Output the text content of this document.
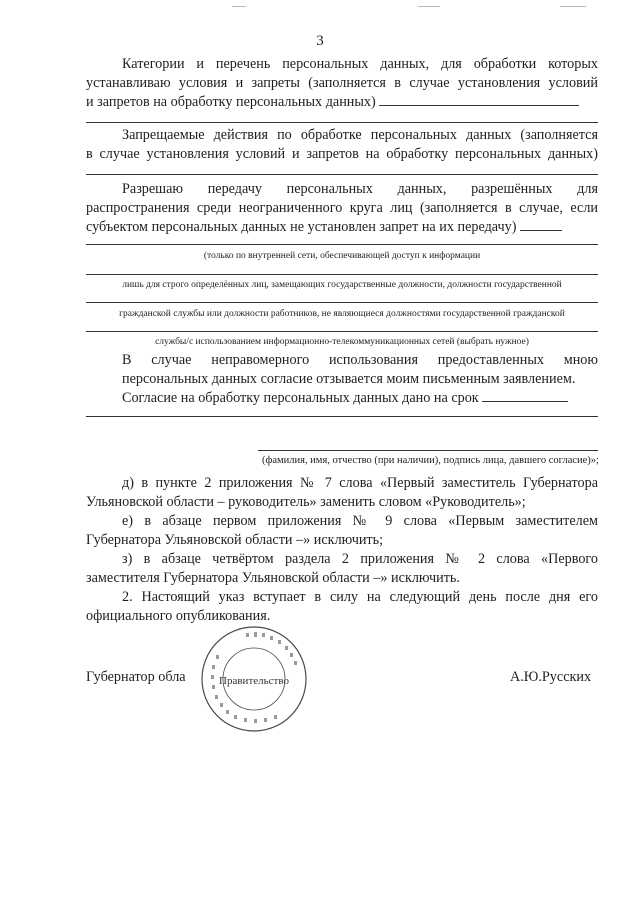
3
Категории и перечень персональных данных, для обработки которых
устанавливаю условия и запреты (заполняется в случае установления условий
и запретов на обработку персональных данных)
Запрещаемые действия по обработке персональных данных (заполняется
в случае установления условий и запретов на обработку персональных данных)
Разрешаю передачу персональных данных, разрешённых для
распространения среди неограниченного круга лиц (заполняется в случае, если
субъектом персональных данных не установлен запрет на их передачу)
(только по внутренней сети, обеспечивающей доступ к информации
лишь для строго определённых лиц, замещающих государственные должности, должности государственной
гражданской службы или должности работников, не являющиеся должностями государственной гражданской
службы/с использованием информационно-телекоммуникационных сетей (выбрать нужное)
В случае неправомерного использования предоставленных мною
персональных данных согласие отзывается моим письменным заявлением.
Согласие на обработку персональных данных дано на срок
(фамилия, имя, отчество (при наличии), подпись лица, давшего согласие)»;
д) в пункте 2 приложения № 7 слова «Первый заместитель Губернатора
Ульяновской области – руководитель» заменить словом «Руководитель»;
е) в абзаце первом приложения № 9 слова «Первым заместителем
Губернатора Ульяновской области –» исключить;
з) в абзаце четвёртом раздела 2 приложения № 2 слова «Первого
заместителя Губернатора Ульяновской области –» исключить.
2. Настоящий указ вступает в силу на следующий день после дня его
официального опубликования.
Губернатор обла	А.Ю.Русских
Правительство
